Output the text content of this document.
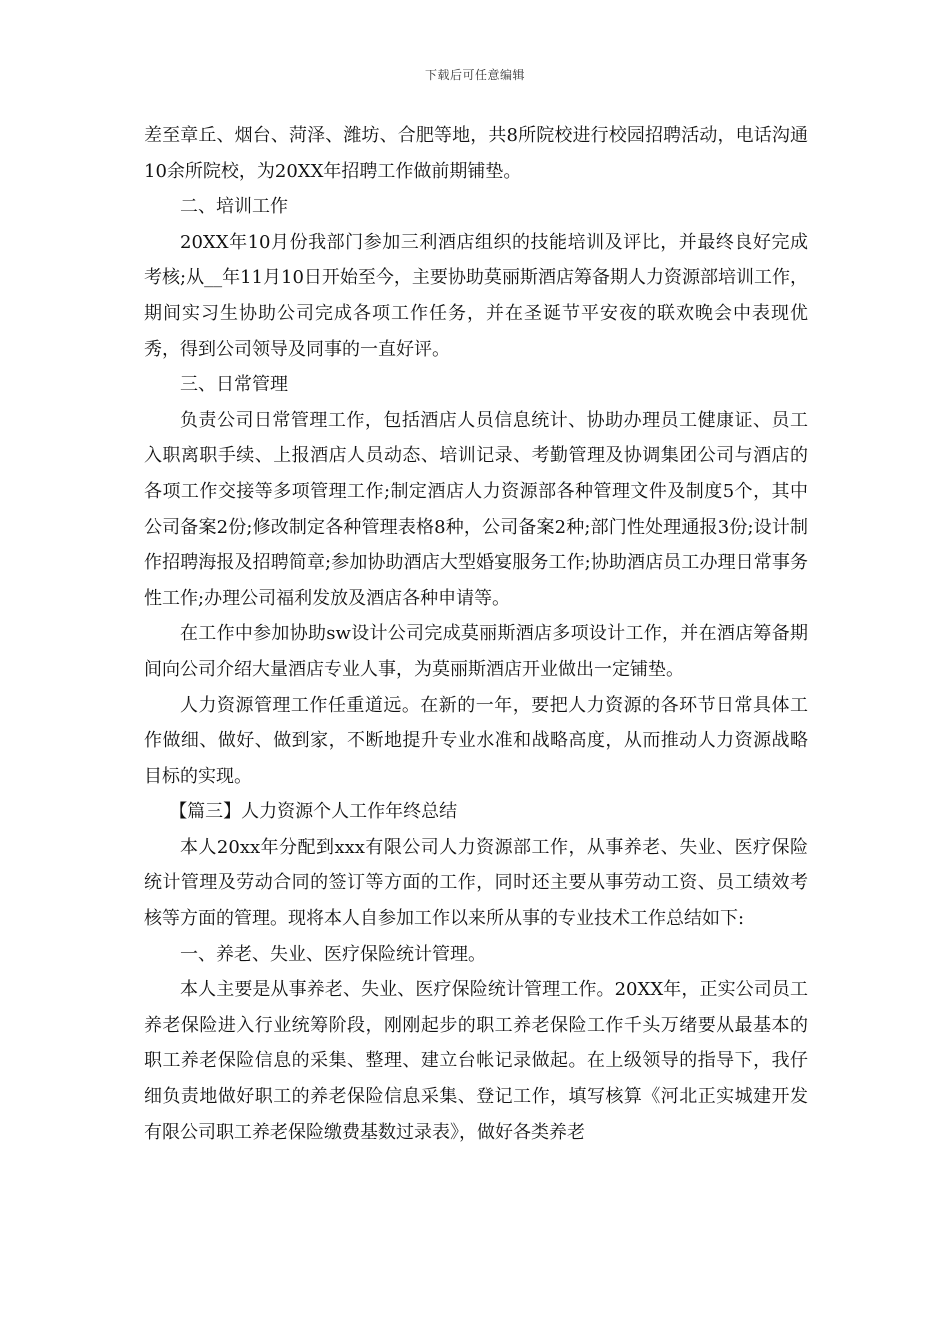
下载后可任意编辑

差至章丘、烟台、菏泽、潍坊、合肥等地，共8所院校进行校园招聘活动，电话沟通10余所院校，为20XX年招聘工作做前期铺垫。

二、培训工作

20XX年10月份我部门参加三利酒店组织的技能培训及评比，并最终良好完成考核;从__年11月10日开始至今，主要协助莫丽斯酒店筹备期人力资源部培训工作，期间实习生协助公司完成各项工作任务，并在圣诞节平安夜的联欢晚会中表现优秀，得到公司领导及同事的一直好评。

三、日常管理

负责公司日常管理工作，包括酒店人员信息统计、协助办理员工健康证、员工入职离职手续、上报酒店人员动态、培训记录、考勤管理及协调集团公司与酒店的各项工作交接等多项管理工作;制定酒店人力资源部各种管理文件及制度5个，其中公司备案2份;修改制定各种管理表格8种，公司备案2种;部门性处理通报3份;设计制作招聘海报及招聘简章;参加协助酒店大型婚宴服务工作;协助酒店员工办理日常事务性工作;办理公司福利发放及酒店各种申请等。

在工作中参加协助sw设计公司完成莫丽斯酒店多项设计工作，并在酒店筹备期间向公司介绍大量酒店专业人事，为莫丽斯酒店开业做出一定铺垫。

人力资源管理工作任重道远。在新的一年，要把人力资源的各环节日常具体工作做细、做好、做到家，不断地提升专业水准和战略高度，从而推动人力资源战略目标的实现。

【篇三】人力资源个人工作年终总结

本人20xx年分配到xxx有限公司人力资源部工作，从事养老、失业、医疗保险统计管理及劳动合同的签订等方面的工作，同时还主要从事劳动工资、员工绩效考核等方面的管理。现将本人自参加工作以来所从事的专业技术工作总结如下:

一、养老、失业、医疗保险统计管理。

本人主要是从事养老、失业、医疗保险统计管理工作。20XX年，正实公司员工养老保险进入行业统筹阶段，刚刚起步的职工养老保险工作千头万绪要从最基本的职工养老保险信息的采集、整理、建立台帐记录做起。在上级领导的指导下，我仔细负责地做好职工的养老保险信息采集、登记工作，填写核算《河北正实城建开发有限公司职工养老保险缴费基数过录表》，做好各类养老
